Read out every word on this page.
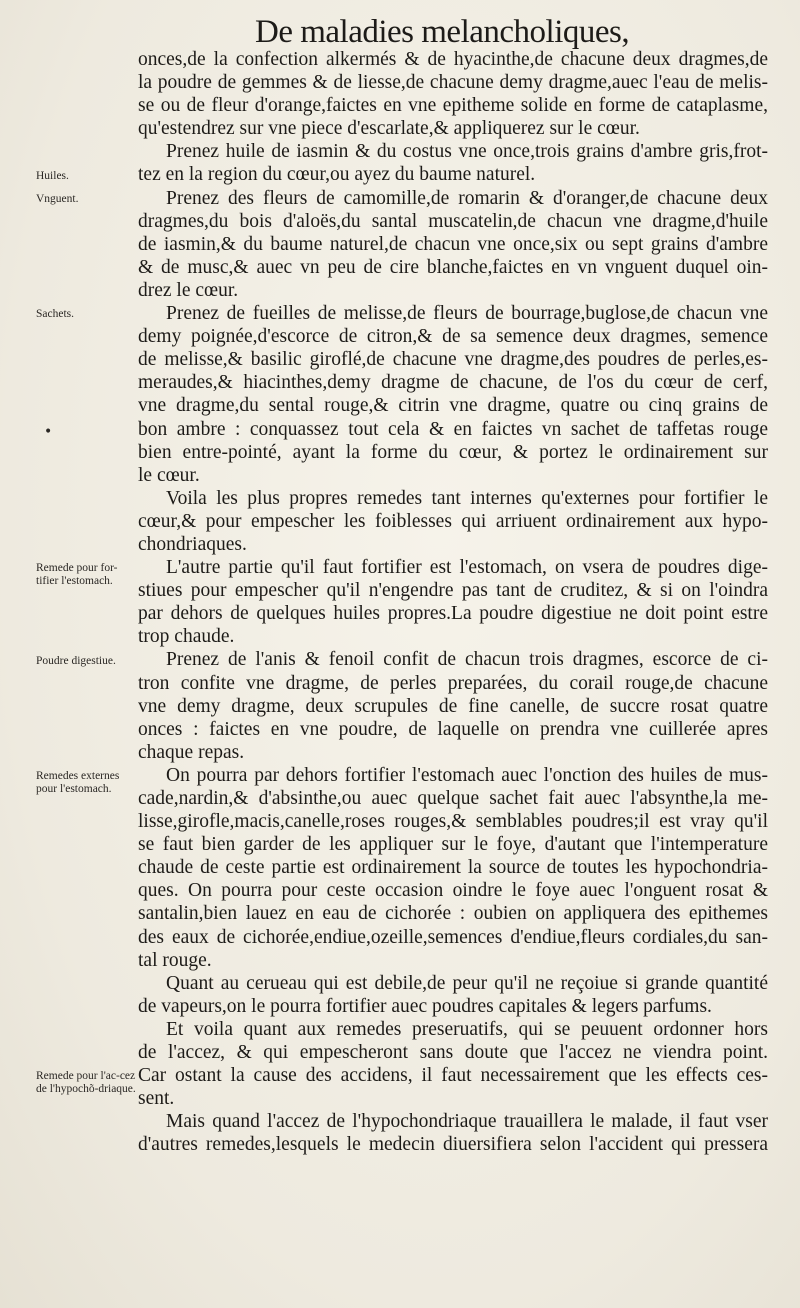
De maladies melancholiques,
onces,de la confection alkermés & de hyacinthe,de chacune deux dragmes,de
la poudre de gemmes & de liesse,de chacune demy dragme,auec l'eau de melis-
se ou de fleur d'orange,faictes en vne epitheme solide en forme de cataplasme,
qu'estendrez sur vne piece d'escarlate,& appliquerez sur le cœur.
Prenez huile de iasmin & du costus vne once,trois grains d'ambre gris,frot-
tez en la region du cœur,ou ayez du baume naturel.
Prenez des fleurs de camomille,de romarin & d'oranger,de chacune deux
dragmes,du bois d'aloës,du santal muscatelin,de chacun vne dragme,d'huile
de iasmin,& du baume naturel,de chacun vne once,six ou sept grains d'ambre
& de musc,& auec vn peu de cire blanche,faictes en vn vnguent duquel oin-
drez le cœur.
Prenez de fueilles de melisse,de fleurs de bourrage,buglose,de chacun vne
demy poignée,d'escorce de citron,& de sa semence deux dragmes, semence
de melisse,& basilic giroflé,de chacune vne dragme,des poudres de perles,es-
meraudes,& hiacinthes,demy dragme de chacune, de l'os du cœur de cerf,
vne dragme,du sental rouge,& citrin vne dragme, quatre ou cinq grains de
bon ambre : conquassez tout cela & en faictes vn sachet de taffetas rouge
bien entre-pointé, ayant la forme du cœur, & portez le ordinairement sur
le cœur.
Voila les plus propres remedes tant internes qu'externes pour fortifier le
cœur,& pour empescher les foiblesses qui arriuent ordinairement aux hypo-
chondriaques.
L'autre partie qu'il faut fortifier est l'estomach, on vsera de poudres dige-
stiues pour empescher qu'il n'engendre pas tant de cruditez, & si on l'oindra
par dehors de quelques huiles propres.La poudre digestiue ne doit point estre
trop chaude.
Prenez de l'anis & fenoil confit de chacun trois dragmes, escorce de ci-
tron confite vne dragme, de perles preparées, du corail rouge,de chacune
vne demy dragme, deux scrupules de fine canelle, de succre rosat quatre
onces : faictes en vne poudre, de laquelle on prendra vne cuillerée apres
chaque repas.
On pourra par dehors fortifier l'estomach auec l'onction des huiles de mus-
cade,nardin,& d'absinthe,ou auec quelque sachet fait auec l'absynthe,la me-
lisse,girofle,macis,canelle,roses rouges,& semblables poudres;il est vray qu'il
se faut bien garder de les appliquer sur le foye, d'autant que l'intemperature
chaude de ceste partie est ordinairement la source de toutes les hypochondria-
ques. On pourra pour ceste occasion oindre le foye auec l'onguent rosat &
santalin,bien lauez en eau de cichorée : oubien on appliquera des epithemes
des eaux de cichorée,endiue,ozeille,semences d'endiue,fleurs cordiales,du san-
tal rouge.
Quant au cerueau qui est debile,de peur qu'il ne reçoiue si grande quantité
de vapeurs,on le pourra fortifier auec poudres capitales & legers parfums.
Et voila quant aux remedes preseruatifs, qui se peuuent ordonner hors
de l'accez, & qui empescheront sans doute que l'accez ne viendra point.
Car ostant la cause des accidens, il faut necessairement que les effects ces-
sent.
Mais quand l'accez de l'hypochondriaque trauaillera le malade, il faut vser
d'autres remedes,lesquels le medecin diuersifiera selon l'accident qui pressera
Huiles.
Vnguent.
Sachets.
•
Remede pour for-tifier l'estomach.
Poudre digestiue.
Remedes externes pour l'estomach.
Remede pour l'ac-cez de l'hypochõ-driaque.
